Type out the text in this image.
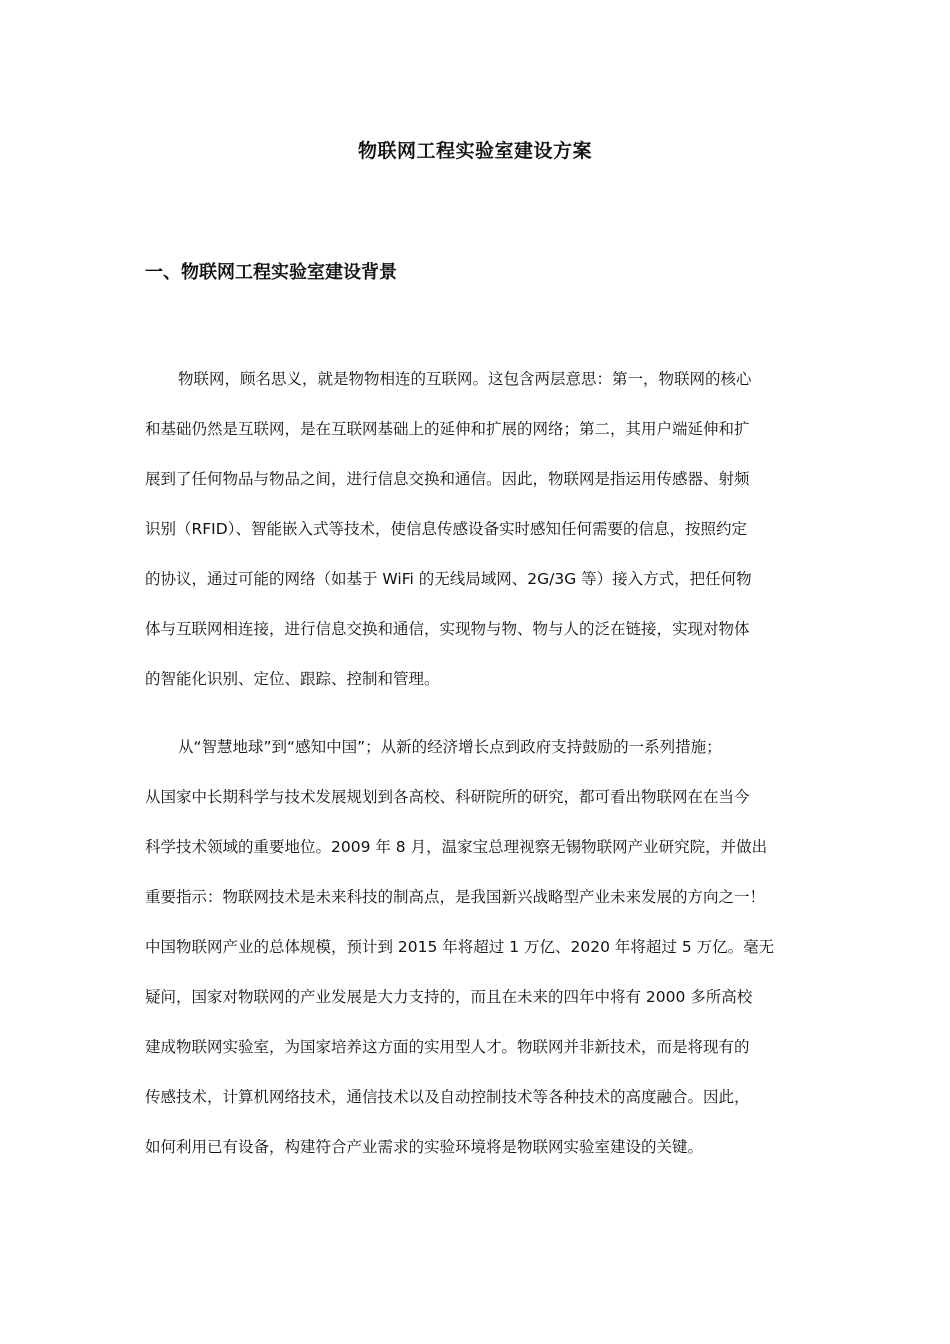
物联网工程实验室建设方案
一、物联网工程实验室建设背景

物联网，顾名思义，就是物物相连的互联网。这包含两层意思：第一，物联网的核心
和基础仍然是互联网，是在互联网基础上的延伸和扩展的网络；第二，其用户端延伸和扩
展到了任何物品与物品之间，进行信息交换和通信。因此，物联网是指运用传感器、射频
识别（RFID）、智能嵌入式等技术，使信息传感设备实时感知任何需要的信息，按照约定
的协议，通过可能的网络（如基于 WiFi 的无线局域网、2G/3G 等）接入方式，把任何物
体与互联网相连接，进行信息交换和通信，实现物与物、物与人的泛在链接，实现对物体
的智能化识别、定位、跟踪、控制和管理。

从“智慧地球”到“感知中国”；从新的经济增长点到政府支持鼓励的一系列措施；
从国家中长期科学与技术发展规划到各高校、科研院所的研究，都可看出物联网在在当今
科学技术领域的重要地位。2009 年 8 月，温家宝总理视察无锡物联网产业研究院，并做出
重要指示：物联网技术是未来科技的制高点，是我国新兴战略型产业未来发展的方向之一！
中国物联网产业的总体规模，预计到 2015 年将超过 1 万亿、2020 年将超过 5 万亿。毫无
疑问，国家对物联网的产业发展是大力支持的，而且在未来的四年中将有 2000 多所高校
建成物联网实验室，为国家培养这方面的实用型人才。物联网并非新技术，而是将现有的
传感技术，计算机网络技术，通信技术以及自动控制技术等各种技术的高度融合。因此，
如何利用已有设备，构建符合产业需求的实验环境将是物联网实验室建设的关键。
